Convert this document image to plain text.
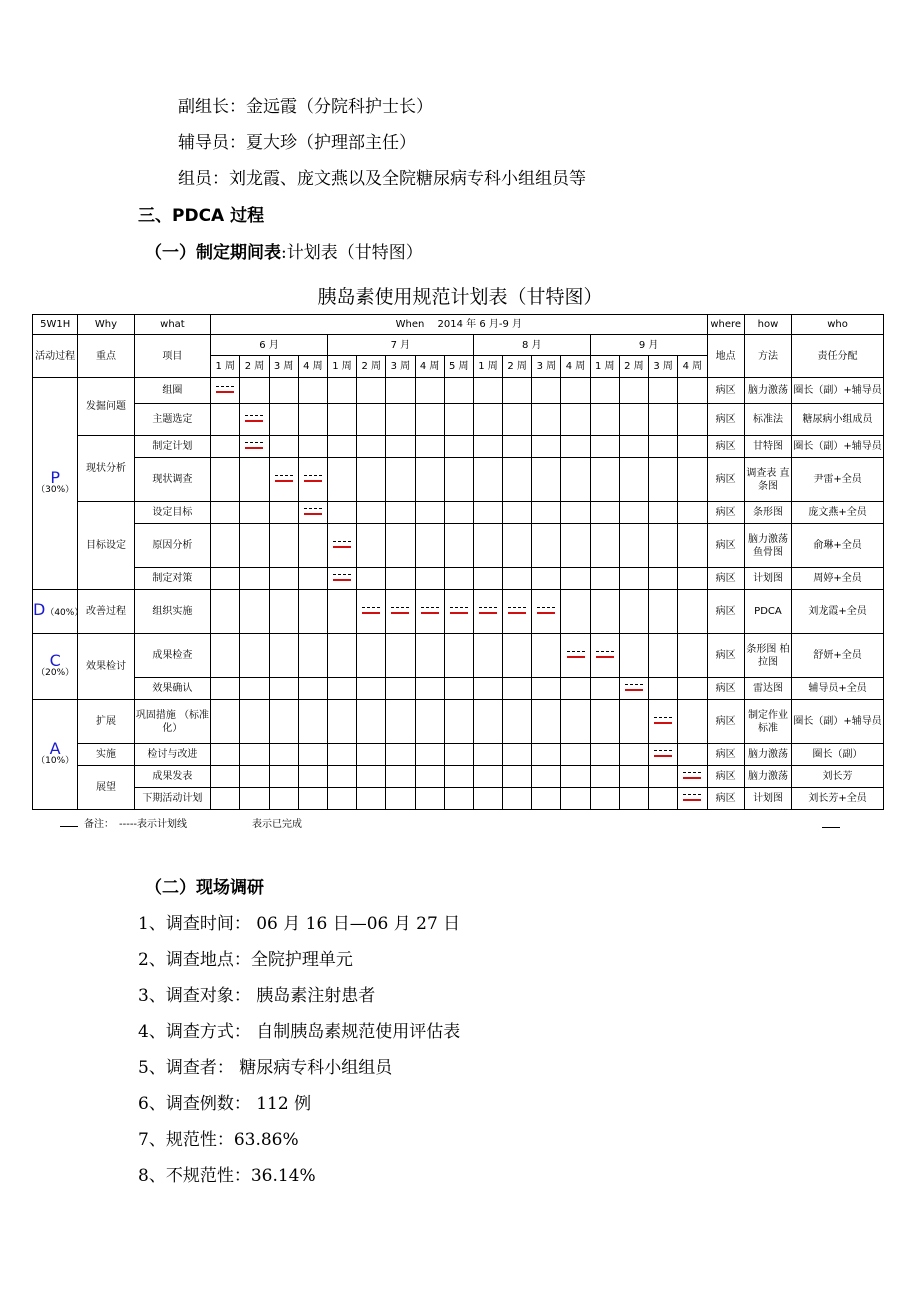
副组长：金远霞（分院科护士长）
辅导员：夏大珍（护理部主任）
组员：刘龙霞、庞文燕以及全院糖尿病专科小组组员等
三、PDCA 过程
（一）制定期间表:计划表（甘特图）
胰岛素使用规范计划表（甘特图）
5W1H	Why	what	When　 2014 年 6 月-9 月																	where	how	who
活动过程	重点	项目	6 月				7 月					8 月				9 月				地点	方法	责任分配
			1 周	2 周	3 周	4 周	1 周	2 周	3 周	4 周	5 周	1 周	2 周	3 周	4 周	1 周	2 周	3 周	4 周			

P
（30%）	发掘问题	组圈																		病区	脑力激荡	圈长（副）+辅导员
		主题选定																		病区	标准法	糖尿病小组成员
	现状分析	制定计划																		病区	甘特图	圈长（副）+辅导员
		现状调查																		病区	调查表 直条图	尹雷+全员
	目标设定	设定目标																		病区	条形图	庞文燕+全员
		原因分析																		病区	脑力激荡 鱼骨图	俞琳+全员
		制定对策																		病区	计划图	周婷+全员
D（40%）	改善过程	组织实施																		病区	PDCA	刘龙霞+全员

C
（20%）	效果检讨	成果检查																		病区	条形图 柏拉图	舒妍+全员
		效果确认																		病区	雷达图	辅导员+全员

A
（10%）	扩展	巩固措施 （标准化）																		病区	制定作业 标准	圈长（副）+辅导员
	实施	检讨与改进																		病区	脑力激荡	圈长（副）
	展望	成果发表																		病区	脑力激荡	刘长芳
		下期活动计划																		病区	计划图	刘长芳+全员
备注：　-----表示计划线	表示已完成
（二）现场调研
1、调查时间： 06 月 16 日—06 月 27 日
2、调查地点：全院护理单元
3、调查对象： 胰岛素注射患者
4、调查方式： 自制胰岛素规范使用评估表
5、调查者： 糖尿病专科小组组员
6、调查例数： 112 例
7、规范性：63.86%
8、不规范性：36.14%
